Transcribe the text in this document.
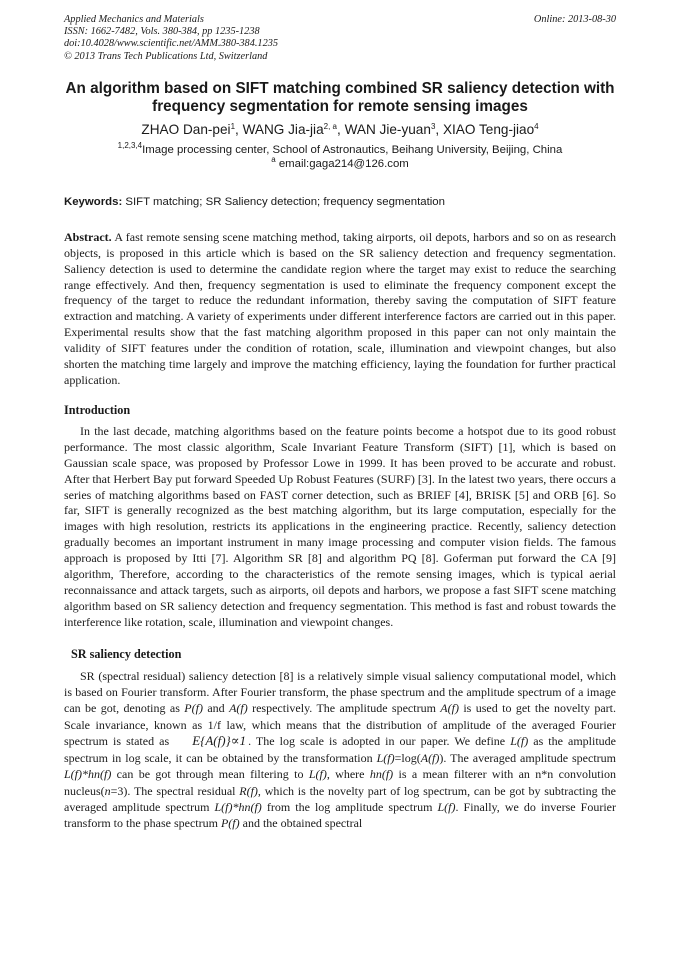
Applied Mechanics and Materials
ISSN: 1662-7482, Vols. 380-384, pp 1235-1238
doi:10.4028/www.scientific.net/AMM.380-384.1235
© 2013 Trans Tech Publications Ltd, Switzerland
Online: 2013-08-30
An algorithm based on SIFT matching combined SR saliency detection with frequency segmentation for remote sensing images
ZHAO Dan-pei$^1$, WANG Jia-jia$^{2, a}$, WAN Jie-yuan$^3$, XIAO Teng-jiao$^4$
$^{1,2,3,4}$Image processing center, School of Astronautics, Beihang University, Beijing, China
$^a$ email:gaga214@126.com
Keywords: SIFT matching; SR Saliency detection; frequency segmentation
Abstract. A fast remote sensing scene matching method, taking airports, oil depots, harbors and so on as research objects, is proposed in this article which is based on the SR saliency detection and frequency segmentation. Saliency detection is used to determine the candidate region where the target may exist to reduce the searching range effectively. And then, frequency segmentation is used to eliminate the frequency component except the frequency of the target to reduce the redundant information, thereby saving the computation of SIFT feature extraction and matching. A variety of experiments under different interference factors are carried out in this paper. Experimental results show that the fast matching algorithm proposed in this paper can not only maintain the validity of SIFT features under the condition of rotation, scale, illumination and viewpoint changes, but also shorten the matching time largely and improve the matching efficiency, laying the foundation for further practical application.
Introduction
In the last decade, matching algorithms based on the feature points become a hotspot due to its good robust performance. The most classic algorithm, Scale Invariant Feature Transform (SIFT) [1], which is based on Gaussian scale space, was proposed by Professor Lowe in 1999. It has been proved to be accurate and robust. After that Herbert Bay put forward Speeded Up Robust Features (SURF) [3]. In the latest two years, there occurs a series of matching algorithms based on FAST corner detection, such as BRIEF [4], BRISK [5] and ORB [6]. So far, SIFT is generally recognized as the best matching algorithm, but its large computation, especially for the images with high resolution, restricts its applications in the engineering practice. Recently, saliency detection gradually becomes an important instrument in many image processing and computer vision fields. The famous approach is proposed by Itti [7]. Algorithm SR [8] and algorithm PQ [8]. Goferman put forward the CA [9] algorithm, Therefore, according to the characteristics of the remote sensing images, which is typical aerial reconnaissance and attack targets, such as airports, oil depots and harbors, we propose a fast SIFT scene matching algorithm based on SR saliency detection and frequency segmentation. This method is fast and robust towards the interference like rotation, scale, illumination and viewpoint changes.
SR saliency detection
SR (spectral residual) saliency detection [8] is a relatively simple visual saliency computational model, which is based on Fourier transform. After Fourier transform, the phase spectrum and the amplitude spectrum of a image can be got, denoting as P(f) and A(f) respectively. The amplitude spectrum A(f) is used to get the novelty part. Scale invariance, known as 1/f law, which means that the distribution of amplitude of the averaged Fourier spectrum is stated as E{A(f)}∝1 . The log scale is adopted in our paper. We define L(f) as the amplitude spectrum in log scale, it can be obtained by the transformation L(f)=log(A(f)). The averaged amplitude spectrum L(f)*hn(f) can be got through mean filtering to L(f), where hn(f) is a mean filterer with an n*n convolution nucleus(n=3). The spectral residual R(f), which is the novelty part of log spectrum, can be got by subtracting the averaged amplitude spectrum L(f)*hn(f) from the log amplitude spectrum L(f). Finally, we do inverse Fourier transform to the phase spectrum P(f) and the obtained spectral
